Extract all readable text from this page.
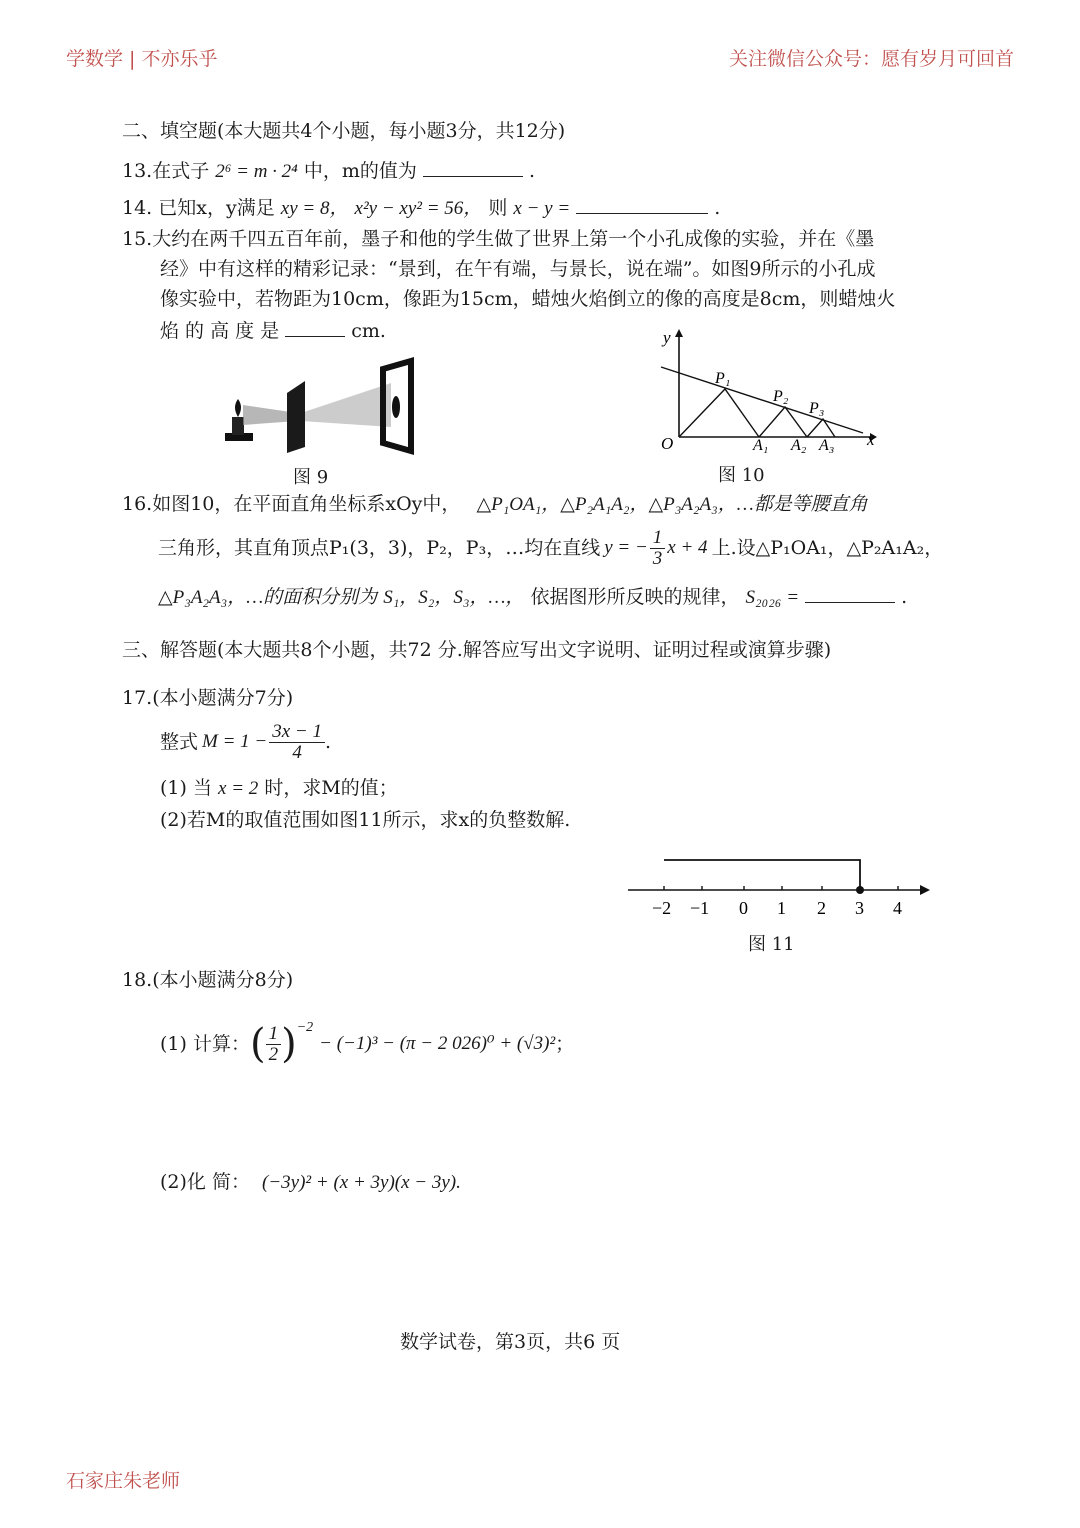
学数学 | 不亦乐乎	关注微信公众号：愿有岁月可回首
二、填空题(本大题共4个小题，每小题3分，共12分)
13.在式子 2⁶ = m · 2⁴ 中，m的值为	.
14. 已知x，y满足 xy = 8， x²y − xy² = 56， 则 x − y =	.
15.大约在两千四五百年前，墨子和他的学生做了世界上第一个小孔成像的实验，并在《墨
经》中有这样的精彩记录：“景到，在午有端，与景长，说在端”。如图9所示的小孔成
像实验中，若物距为10cm，像距为15cm，蜡烛火焰倒立的像的高度是8cm，则蜡烛火
焰 的 高 度 是	cm.
图 9
y
x
O
P₁
P₂
P₃
A₁ A₂ A₃
图 10
16.如图10，在平面直角坐标系xOy中， △P₁OA₁，△P₂A₁A₂，△P₃A₂A₃，…都是等腰直角
三角形，其直角顶点P₁(3，3)，P₂，P₃，…均在直线 y = − $\frac{1}{3}$ x + 4 上.设△P₁OA₁，△P₂A₁A₂，
△P₃A₂A₃，…的面积分别为 S₁，S₂，S₃，…， 依据图形所反映的规律， S₂₀₂₆ =	.
三、解答题(本大题共8个小题，共72 分.解答应写出文字说明、证明过程或演算步骤)
17.(本小题满分7分)
整式 $M = 1 - \frac{3x - 1}{4}$ .
(1) 当 x = 2 时，求M的值；
(2)若M的取值范围如图11所示，求x的负整数解.
−2 −1 0 1 2 3 4
图 11
18.(本小题满分8分)
(1) 计算： ( $\frac{1}{2}$ ) −2
− (−1)³ − (π − 2 026)⁰ + (√3)² ；
(2)化 简： (−3y)² + (x + 3y)(x − 3y).
数学试卷，第3页，共6 页
石家庄朱老师
